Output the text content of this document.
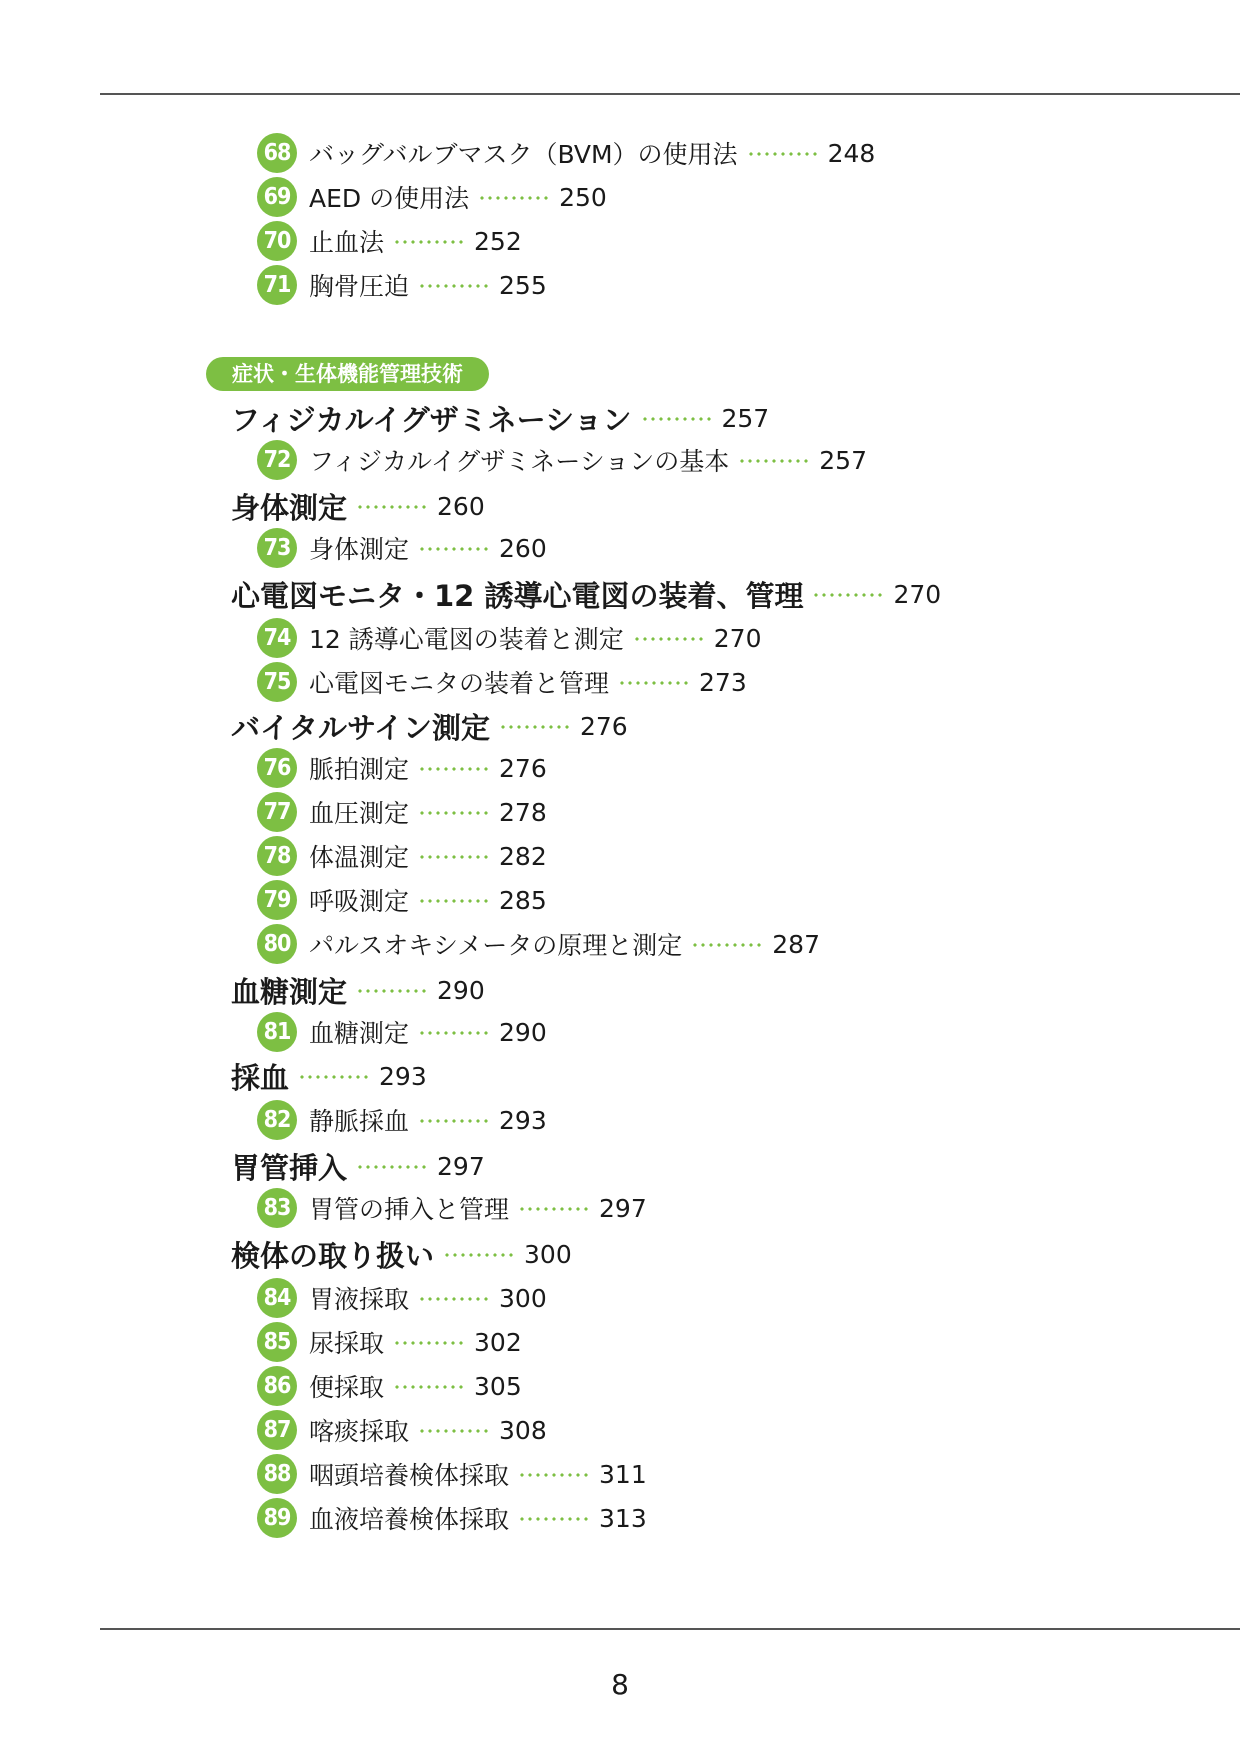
68 バッグバルブマスク（BVM）の使用法	248
69 AED の使用法	250
70 止血法	252
71 胸骨圧迫	255
症状・生体機能管理技術
フィジカルイグザミネーション	257
72 フィジカルイグザミネーションの基本	257
身体測定	260
73 身体測定	260
心電図モニタ・12 誘導心電図の装着、管理	270
74 12 誘導心電図の装着と測定	270
75 心電図モニタの装着と管理	273
バイタルサイン測定	276
76 脈拍測定	276
77 血圧測定	278
78 体温測定	282
79 呼吸測定	285
80 パルスオキシメータの原理と測定	287
血糖測定	290
81 血糖測定	290
採血	293
82 静脈採血	293
胃管挿入	297
83 胃管の挿入と管理	297
検体の取り扱い	300
84 胃液採取	300
85 尿採取	302
86 便採取	305
87 喀痰採取	308
88 咽頭培養検体採取	311
89 血液培養検体採取	313
8
